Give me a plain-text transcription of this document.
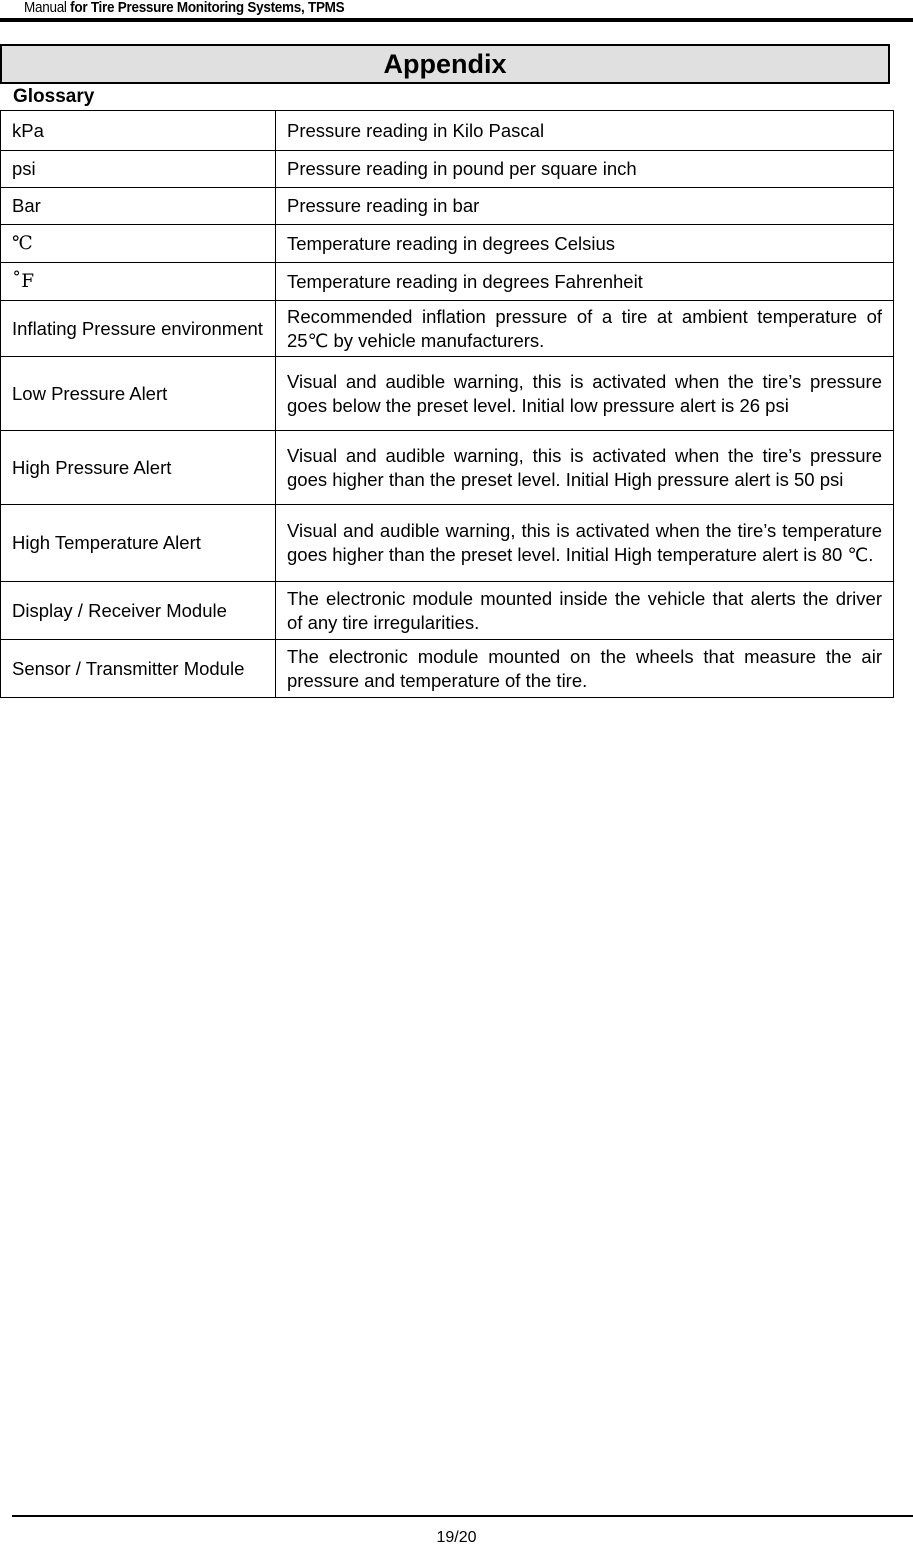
Manual for Tire Pressure Monitoring Systems, TPMS
Appendix
Glossary
kPa	Pressure reading in Kilo Pascal
psi	Pressure reading in pound per square inch
Bar	Pressure reading in bar
℃	Temperature reading in degrees Celsius
˚F	Temperature reading in degrees Fahrenheit
Inflating Pressure environment	Recommended inflation pressure of a tire at ambient temperature of 25℃ by vehicle manufacturers.
Low Pressure Alert	Visual and audible warning, this is activated when the tire’s pressure goes below the preset level. Initial low pressure alert is 26 psi
High Pressure Alert	Visual and audible warning, this is activated when the tire’s pressure goes higher than the preset level. Initial High pressure alert is 50 psi
High Temperature Alert	Visual and audible warning, this is activated when the tire’s temperature goes higher than the preset level. Initial High temperature alert is 80 ℃.
Display / Receiver Module	The electronic module mounted inside the vehicle that alerts the driver of any tire irregularities.
Sensor / Transmitter Module	The electronic module mounted on the wheels that measure the air pressure and temperature of the tire.
19/20
